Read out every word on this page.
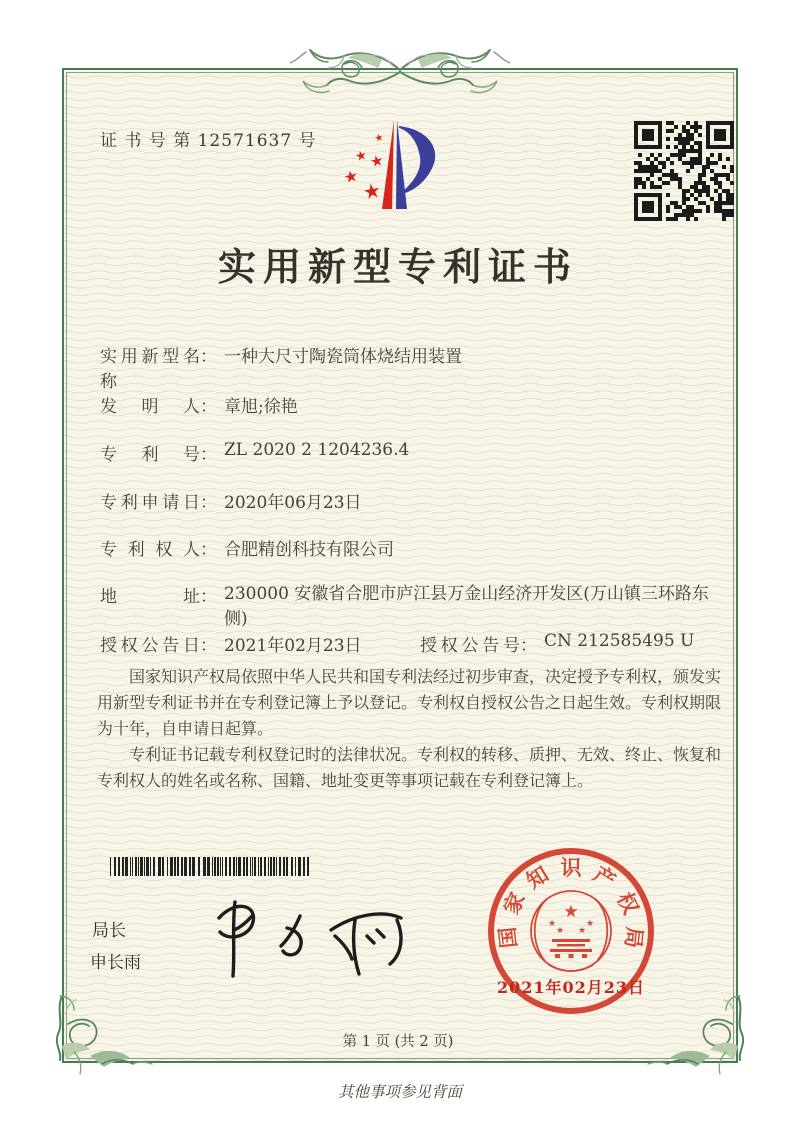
证 书 号 第 12571637 号	★
★ ★
★
★
实用新型专利证书
实用新型名称
： 一种大尺寸陶瓷筒体烧结用装置
发明人 ： 章旭;徐艳
专利号 ： ZL 2020 2 1204236.4
专利申请日 ： 2020年06月23日
专利权人 ： 合肥精创科技有限公司
地址 ： 230000 安徽省合肥市庐江县万金山经济开发区(万山镇三环路东侧)
授权公告日 ： 2021年02月23日	授权公告号 ： CN 212585495 U

国家知识产权局依照中华人民共和国专利法经过初步审查，决定授予专利权，颁发实用新型专利证书并在专利登记簿上予以登记。专利权自授权公告之日起生效。专利权期限为十年，自申请日起算。

专利证书记载专利权登记时的法律状况。专利权的转移、质押、无效、终止、恢复和专利权人的姓名或名称、国籍、地址变更等事项记载在专利登记簿上。

局长
申长雨
★
★	★
★ ★
国
家
知 识 产
权
局
2021年02月23日
第 1 页 (共 2 页)
其他事项参见背面
